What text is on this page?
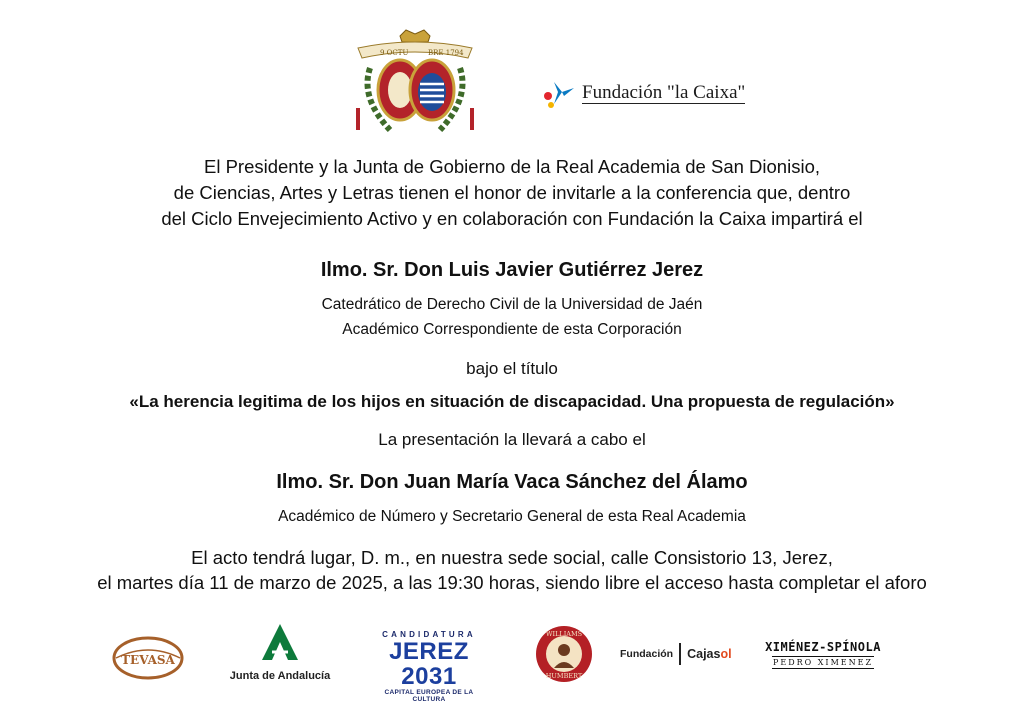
9 OCTU	BRE 1794
Fundación "la Caixa"
El Presidente y la Junta de Gobierno de la Real Academia de San Dionisio,
de Ciencias, Artes y Letras tienen el honor de invitarle a la conferencia que, dentro
del Ciclo Envejecimiento Activo y en colaboración con Fundación la Caixa impartirá el
Ilmo. Sr. Don Luis Javier Gutiérrez Jerez
Catedrático de Derecho Civil de la Universidad de Jaén
Académico Correspondiente de esta Corporación
bajo el título
«La herencia legitima de los hijos en situación de discapacidad. Una propuesta de regulación»
La presentación la llevará a cabo el
Ilmo. Sr. Don Juan María Vaca Sánchez del Álamo
Académico de Número y Secretario General de esta Real Academia
El acto tendrá lugar, D. m., en nuestra sede social, calle Consistorio 13, Jerez,
el martes día 11 de marzo de 2025, a las 19:30 horas, siendo libre el acceso hasta completar el aforo
TEVASA
Junta de Andalucía
CANDIDATURA
JEREZ 2031
CAPITAL EUROPEA DE LA CULTURA
WILLIAMS
HUMBERT
Fundación Cajasol	XIMÉNEZ-SPÍNOLA
PEDRO XIMENEZ
